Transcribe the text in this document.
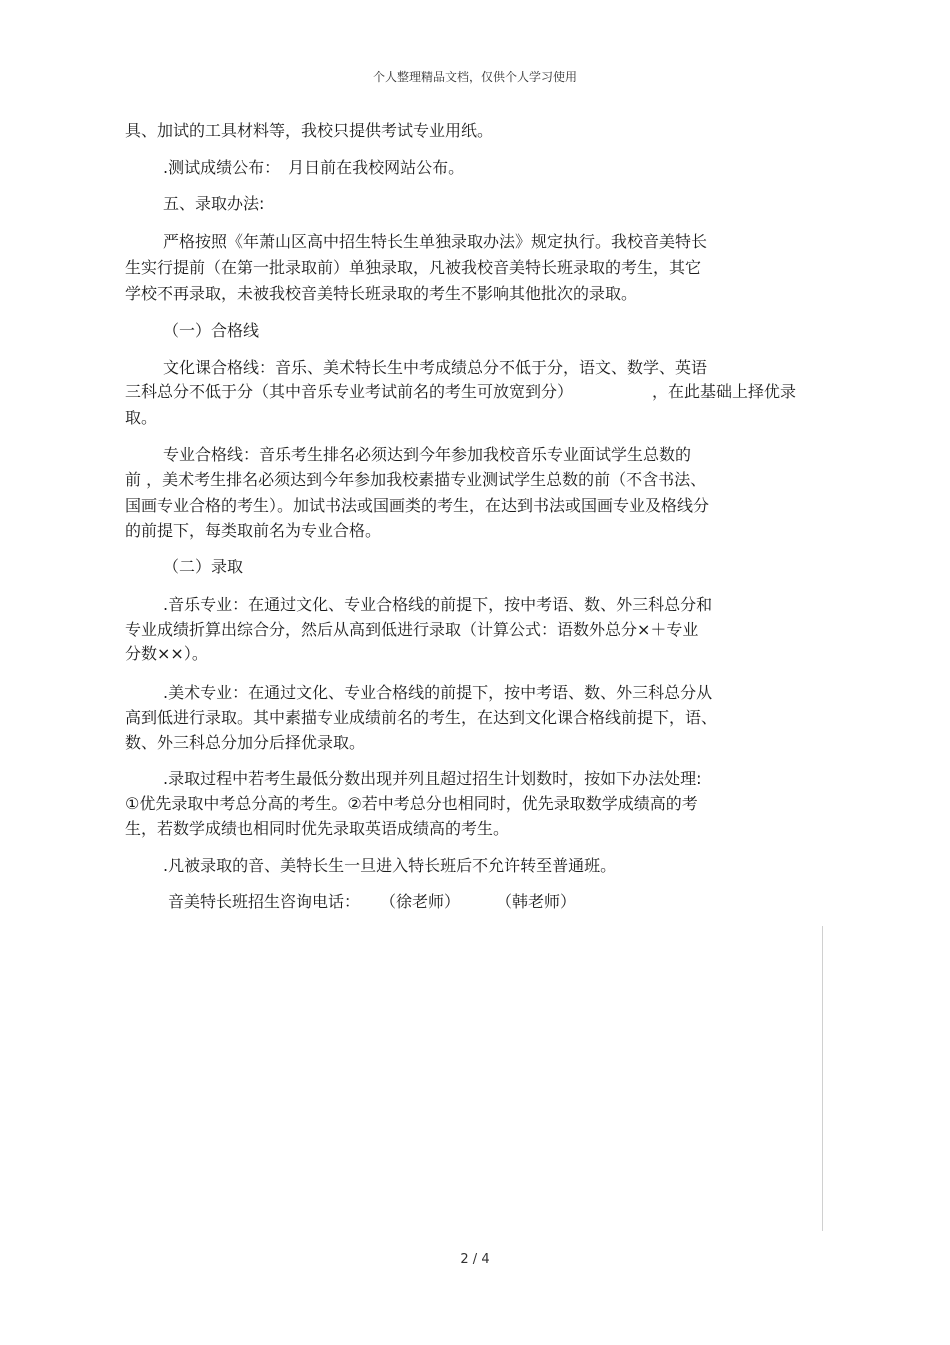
个人整理精品文档，仅供个人学习使用
具、加试的工具材料等，我校只提供考试专业用纸。
.测试成绩公布：　月日前在我校网站公布。
五、录取办法:
严格按照《年萧山区高中招生特长生单独录取办法》规定执行。我校音美特长
生实行提前（在第一批录取前）单独录取，凡被我校音美特长班录取的考生，其它
学校不再录取，未被我校音美特长班录取的考生不影响其他批次的录取。
（一）合格线
文化课合格线：音乐、美术特长生中考成绩总分不低于分，语文、数学、英语
三科总分不低于分（其中音乐专业考试前名的考生可放宽到分）	，在此基础上择优录
取。
专业合格线：音乐考生排名必须达到今年参加我校音乐专业面试学生总数的
前 ，美术考生排名必须达到今年参加我校素描专业测试学生总数的前（不含书法、
国画专业合格的考生）。加试书法或国画类的考生，在达到书法或国画专业及格线分
的前提下，每类取前名为专业合格。
（二）录取
.音乐专业：在通过文化、专业合格线的前提下，按中考语、数、外三科总分和
专业成绩折算出综合分，然后从高到低进行录取（计算公式：语数外总分×＋专业
分数××）。
.美术专业：在通过文化、专业合格线的前提下，按中考语、数、外三科总分从
高到低进行录取。其中素描专业成绩前名的考生，在达到文化课合格线前提下，语、
数、外三科总分加分后择优录取。
.录取过程中若考生最低分数出现并列且超过招生计划数时，按如下办法处理:
①优先录取中考总分高的考生。②若中考总分也相同时，优先录取数学成绩高的考
生，若数学成绩也相同时优先录取英语成绩高的考生。
.凡被录取的音、美特长生一旦进入特长班后不允许转至普通班。
音美特长班招生咨询电话： （徐老师） （韩老师）
2 / 4
